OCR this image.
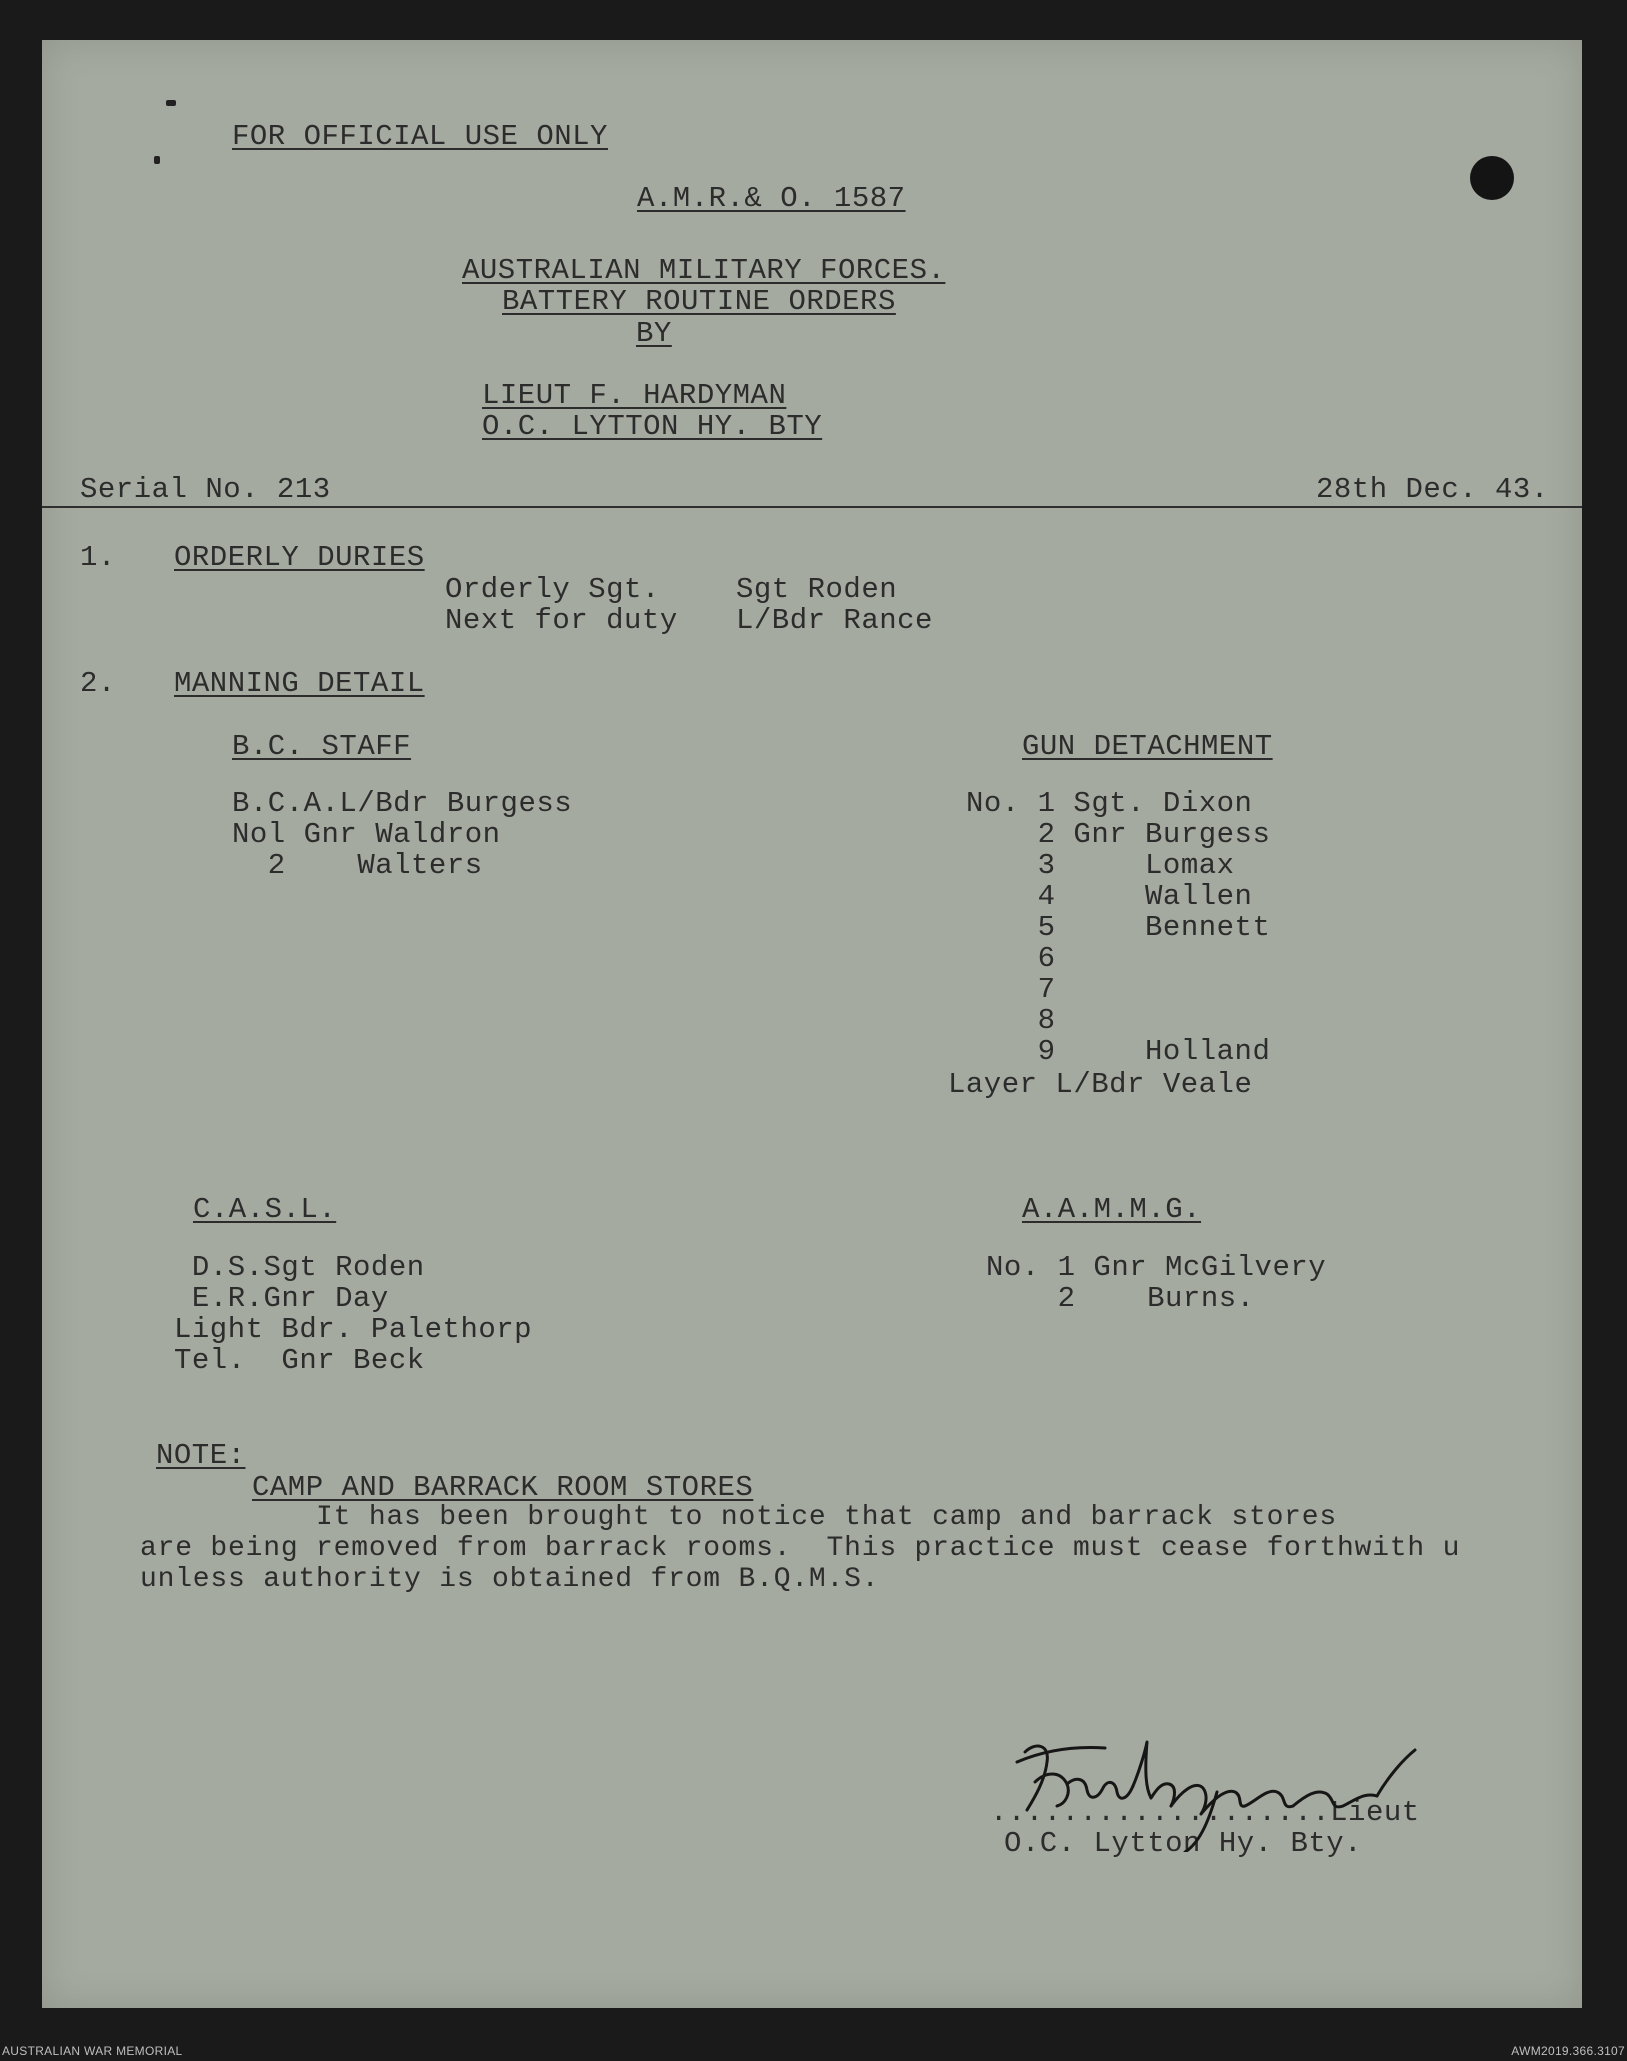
FOR OFFICIAL USE ONLY
A.M.R.& O. 1587
AUSTRALIAN MILITARY FORCES.
BATTERY ROUTINE ORDERS
BY
LIEUT F. HARDYMAN
O.C. LYTTON HY. BTY
Serial No. 213	28th Dec. 43.
1. ORDERLY DURIES
Orderly Sgt.	Sgt Roden
Next for duty L/Bdr Rance
2. MANNING DETAIL
B.C. STAFF
B.C.A.L/Bdr Burgess
Nol Gnr Waldron
2    Walters
GUN DETACHMENT
No. 1 Sgt. Dixon
2 Gnr Burgess
3     Lomax
4     Wallen
5     Bennett
6
7
8
9     Holland
Layer L/Bdr Veale
C.A.S.L.
D.S.Sgt Roden
E.R.Gnr Day
Light Bdr. Palethorp
Tel.  Gnr Beck
A.A.M.M.G.
No. 1 Gnr McGilvery
2    Burns.
NOTE:
CAMP AND BARRACK ROOM STORES
It has been brought to notice that camp and barrack stores
are being removed from barrack rooms.  This practice must cease forthwith u
unless authority is obtained from B.Q.M.S.
...................Lieut
O.C. Lytton Hy. Bty.
AUSTRALIAN WAR MEMORIAL	AWM2019.366.3107
